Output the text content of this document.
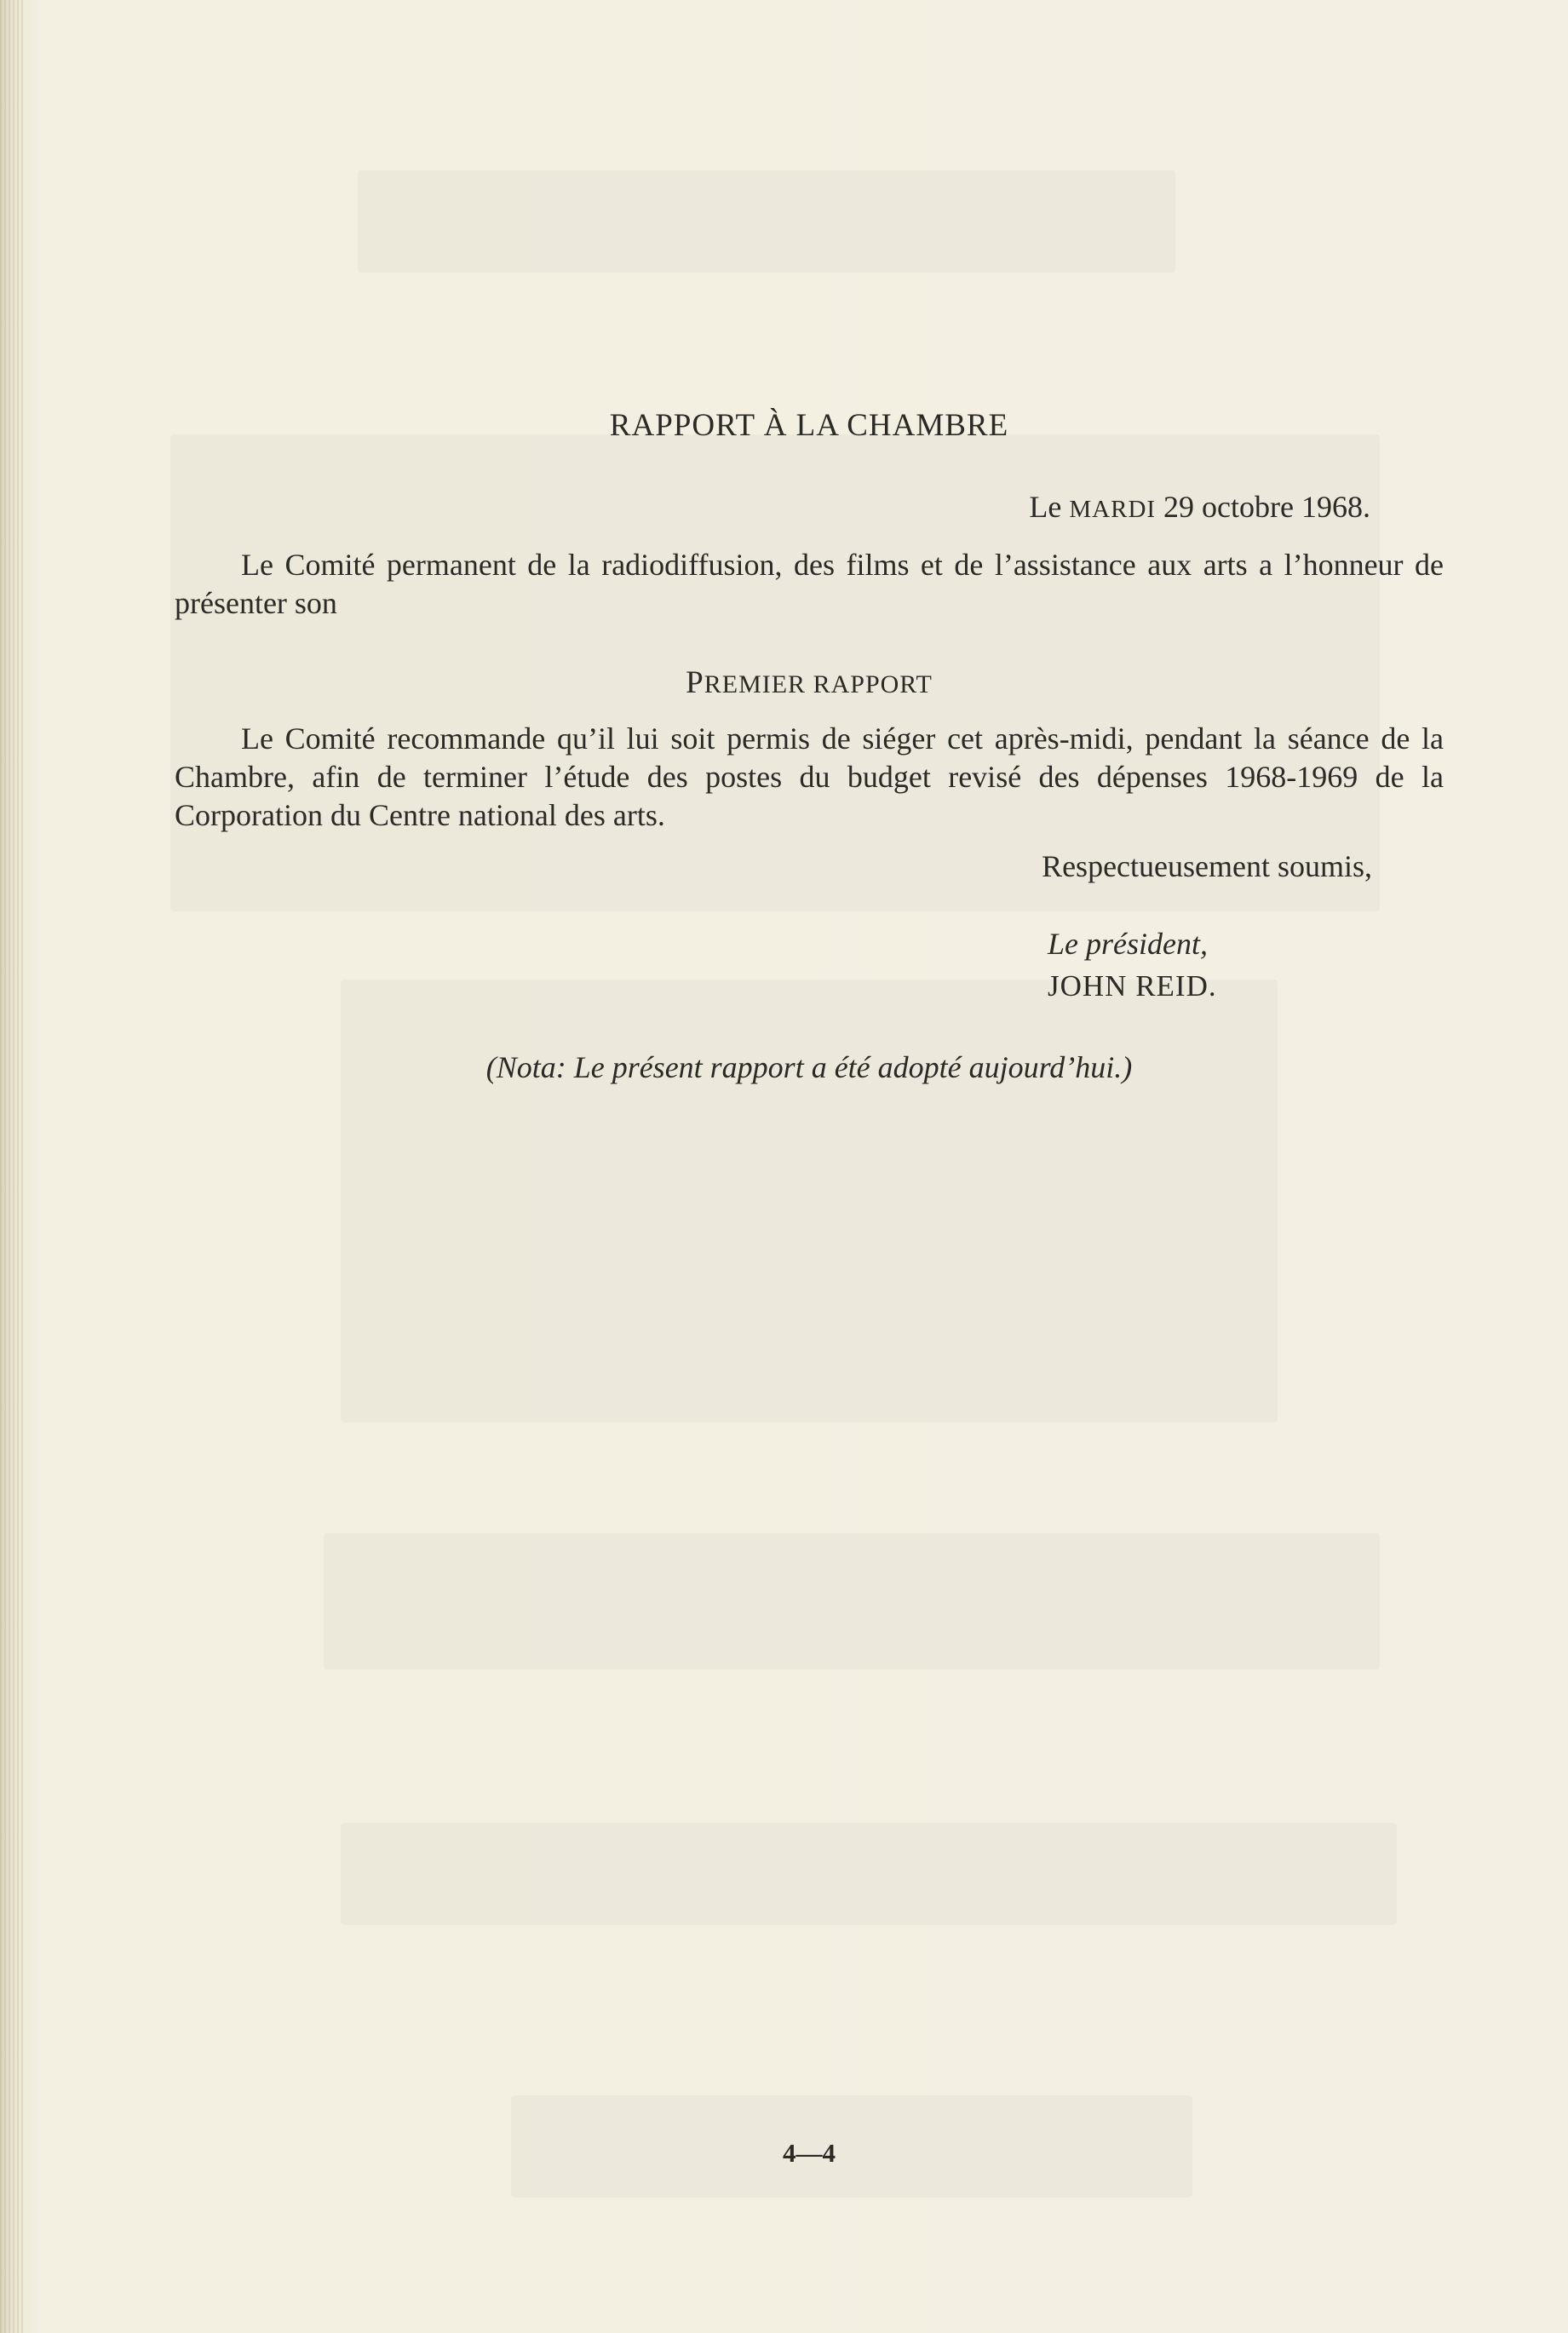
RAPPORT À LA CHAMBRE
Le MARDI 29 octobre 1968.
Le Comité permanent de la radiodiffusion, des films et de l’assistance aux arts a l’honneur de présenter son
PREMIER RAPPORT
Le Comité recommande qu’il lui soit permis de siéger cet après-midi, pendant la séance de la Chambre, afin de terminer l’étude des postes du budget revisé des dépenses 1968-1969 de la Corporation du Centre national des arts.
Respectueusement soumis,
Le président,
JOHN REID.
(Nota: Le présent rapport a été adopté aujourd’hui.)
4—4
